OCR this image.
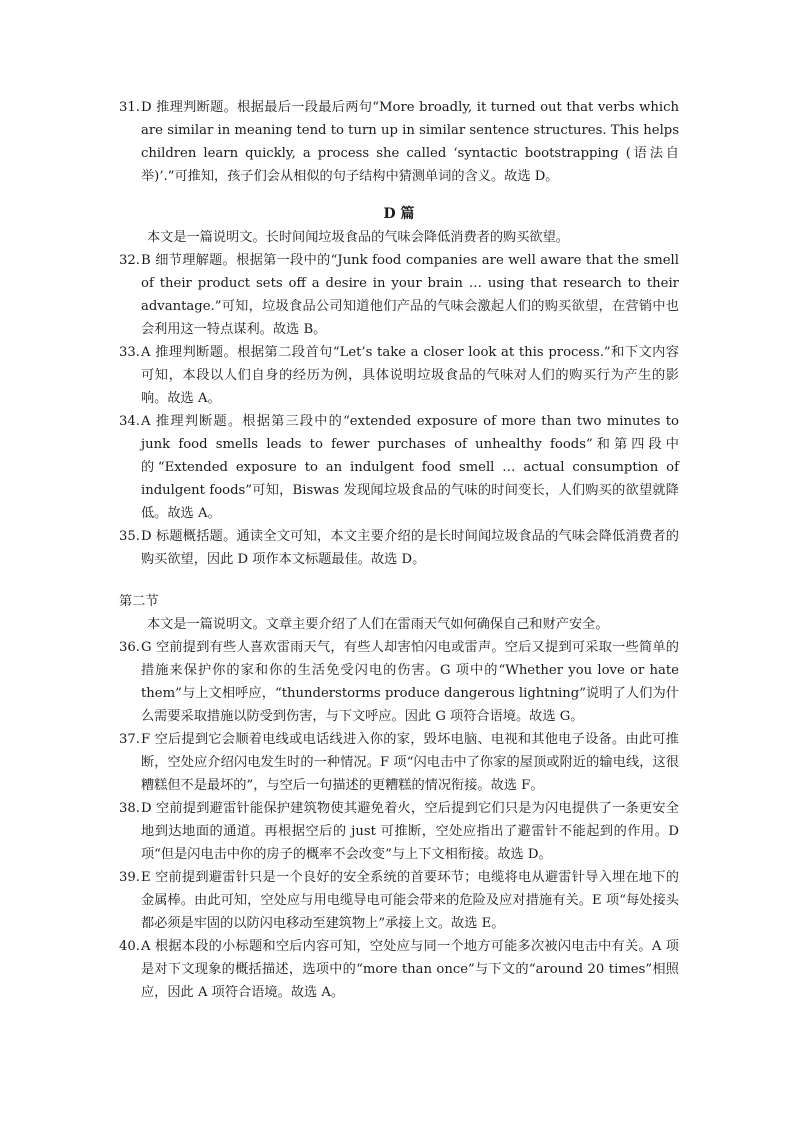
31. D 推理判断题。根据最后一段最后两句“More broadly, it turned out that verbs which are similar in meaning tend to turn up in similar sentence structures. This helps children learn quickly, a process she called ‘syntactic bootstrapping (语法自举)’.”可推知，孩子们会从相似的句子结构中猜测单词的含义。故选 D。
D 篇
本文是一篇说明文。长时间闻垃圾食品的气味会降低消费者的购买欲望。
32. B 细节理解题。根据第一段中的“Junk food companies are well aware that the smell of their product sets off a desire in your brain … using that research to their advantage.”可知，垃圾食品公司知道他们产品的气味会激起人们的购买欲望，在营销中也会利用这一特点谋利。故选 B。
33. A 推理判断题。根据第二段首句“Let’s take a closer look at this process.”和下文内容可知，本段以人们自身的经历为例，具体说明垃圾食品的气味对人们的购买行为产生的影响。故选 A。
34. A 推理判断题。根据第三段中的“extended exposure of more than two minutes to junk food smells leads to fewer purchases of unhealthy foods”和第四段中的“Extended exposure to an indulgent food smell … actual consumption of indulgent foods”可知，Biswas 发现闻垃圾食品的气味的时间变长，人们购买的欲望就降低。故选 A。
35. D 标题概括题。通读全文可知，本文主要介绍的是长时间闻垃圾食品的气味会降低消费者的购买欲望，因此 D 项作本文标题最佳。故选 D。
第二节
本文是一篇说明文。文章主要介绍了人们在雷雨天气如何确保自己和财产安全。
36. G 空前提到有些人喜欢雷雨天气，有些人却害怕闪电或雷声。空后又提到可采取一些简单的措施来保护你的家和你的生活免受闪电的伤害。G 项中的“Whether you love or hate them”与上文相呼应，“thunderstorms produce dangerous lightning”说明了人们为什么需要采取措施以防受到伤害，与下文呼应。因此 G 项符合语境。故选 G。
37. F 空后提到它会顺着电线或电话线进入你的家，毁坏电脑、电视和其他电子设备。由此可推断，空处应介绍闪电发生时的一种情况。F 项“闪电击中了你家的屋顶或附近的输电线，这很糟糕但不是最坏的”，与空后一句描述的更糟糕的情况衔接。故选 F。
38. D 空前提到避雷针能保护建筑物使其避免着火，空后提到它们只是为闪电提供了一条更安全地到达地面的通道。再根据空后的 just 可推断，空处应指出了避雷针不能起到的作用。D 项“但是闪电击中你的房子的概率不会改变”与上下文相衔接。故选 D。
39. E 空前提到避雷针只是一个良好的安全系统的首要环节；电缆将电从避雷针导入埋在地下的金属棒。由此可知，空处应与用电缆导电可能会带来的危险及应对措施有关。E 项“每处接头都必须是牢固的以防闪电移动至建筑物上”承接上文。故选 E。
40. A 根据本段的小标题和空后内容可知，空处应与同一个地方可能多次被闪电击中有关。A 项是对下文现象的概括描述，选项中的“more than once”与下文的“around 20 times”相照应，因此 A 项符合语境。故选 A。
